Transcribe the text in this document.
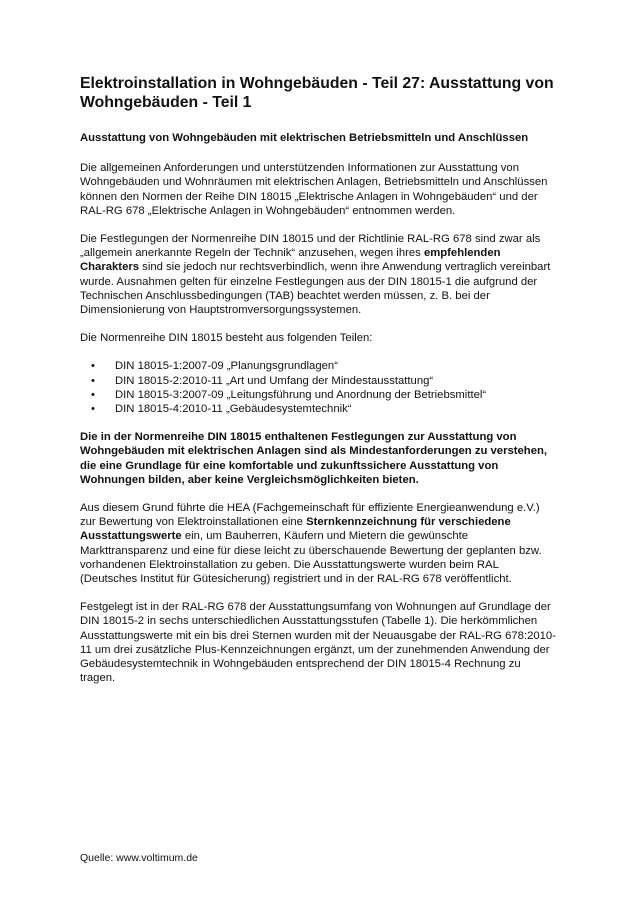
Elektroinstallation in Wohngebäuden - Teil 27: Ausstattung von Wohngebäuden - Teil 1
Ausstattung von Wohngebäuden mit elektrischen Betriebsmitteln und Anschlüssen

Die allgemeinen Anforderungen und unterstützenden Informationen zur Ausstattung von Wohngebäuden und Wohnräumen mit elektrischen Anlagen, Betriebsmitteln und Anschlüssen können den Normen der Reihe DIN 18015 „Elektrische Anlagen in Wohngebäuden“ und der RAL-RG 678 „Elektrische Anlagen in Wohngebäuden“ entnommen werden.

Die Festlegungen der Normenreihe DIN 18015 und der Richtlinie RAL-RG 678 sind zwar als „allgemein anerkannte Regeln der Technik“ anzusehen, wegen ihres empfehlenden Charakters sind sie jedoch nur rechtsverbindlich, wenn ihre Anwendung vertraglich vereinbart wurde. Ausnahmen gelten für einzelne Festlegungen aus der DIN 18015-1 die aufgrund der Technischen Anschlussbedingungen (TAB) beachtet werden müssen, z. B. bei der Dimensionierung von Hauptstromversorgungssystemen.

Die Normenreihe DIN 18015 besteht aus folgenden Teilen:

• DIN 18015-1:2007-09 „Planungsgrundlagen“
• DIN 18015-2:2010-11 „Art und Umfang der Mindestausstattung“
• DIN 18015-3:2007-09 „Leitungsführung und Anordnung der Betriebsmittel“
• DIN 18015-4:2010-11 „Gebäudesystemtechnik“

Die in der Normenreihe DIN 18015 enthaltenen Festlegungen zur Ausstattung von Wohngebäuden mit elektrischen Anlagen sind als Mindestanforderungen zu verstehen, die eine Grundlage für eine komfortable und zukunftssichere Ausstattung von Wohnungen bilden, aber keine Vergleichsmöglichkeiten bieten.

Aus diesem Grund führte die HEA (Fachgemeinschaft für effiziente Energieanwendung e.V.) zur Bewertung von Elektroinstallationen eine Sternkennzeichnung für verschiedene Ausstattungswerte ein, um Bauherren, Käufern und Mietern die gewünschte Markttransparenz und eine für diese leicht zu überschauende Bewertung der geplanten bzw. vorhandenen Elektroinstallation zu geben. Die Ausstattungswerte wurden beim RAL (Deutsches Institut für Gütesicherung) registriert und in der RAL-RG 678 veröffentlicht.

Festgelegt ist in der RAL-RG 678 der Ausstattungsumfang von Wohnungen auf Grundlage der DIN 18015-2 in sechs unterschiedlichen Ausstattungsstufen (Tabelle 1). Die herkömmlichen Ausstattungswerte mit ein bis drei Sternen wurden mit der Neuausgabe der RAL-RG 678:2010-11 um drei zusätzliche Plus-Kennzeichnungen ergänzt, um der zunehmenden Anwendung der Gebäudesystemtechnik in Wohngebäuden entsprechend der DIN 18015-4 Rechnung zu tragen.

Quelle: www.voltimum.de
